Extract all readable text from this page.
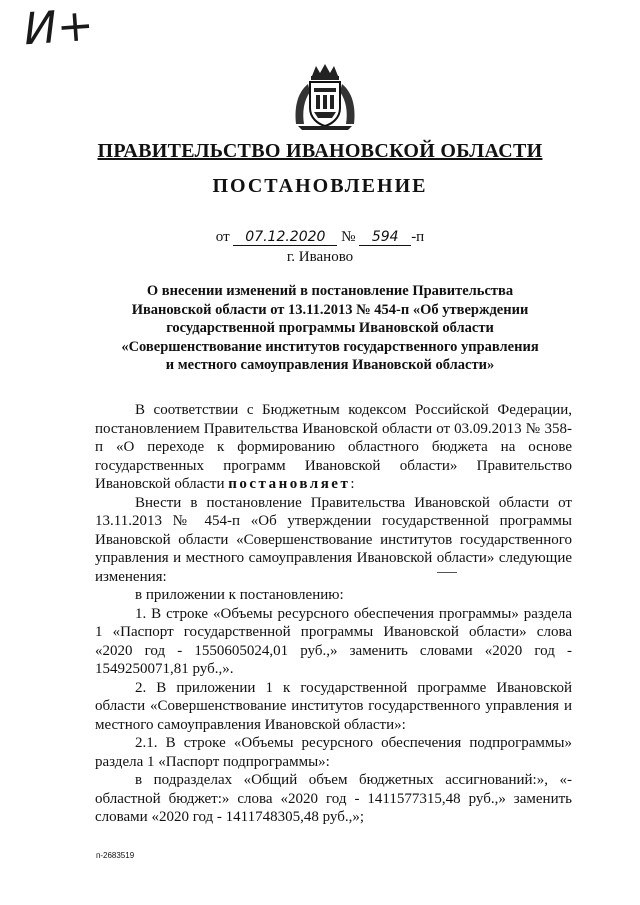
И+
ПРАВИТЕЛЬСТВО ИВАНОВСКОЙ ОБЛАСТИ
ПОСТАНОВЛЕНИЕ
от 07.12.2020 № 594 -п
г. Иваново
О внесении изменений в постановление Правительства
Ивановской области от 13.11.2013 № 454-п «Об утверждении
государственной программы Ивановской области
«Совершенствование институтов государственного управления
и местного самоуправления Ивановской области»

В соответствии с Бюджетным кодексом Российской Федерации, постановлением Правительства Ивановской области от 03.09.2013 № 358-п «О переходе к формированию областного бюджета на основе государственных программ Ивановской области» Правительство Ивановской области постановляет:

Внести в постановление Правительства Ивановской области от 13.11.2013 № 454-п «Об утверждении государственной программы Ивановской области «Совершенствование институтов государственного управления и местного самоуправления Ивановской области» следующие изменения:

в приложении к постановлению:

1. В строке «Объемы ресурсного обеспечения программы» раздела 1 «Паспорт государственной программы Ивановской области» слова «2020 год - 1550605024,01 руб.,» заменить словами «2020 год - 1549250071,81 руб.,».

2. В приложении 1 к государственной программе Ивановской области «Совершенствование институтов государственного управления и местного самоуправления Ивановской области»:

2.1. В строке «Объемы ресурсного обеспечения подпрограммы» раздела 1 «Паспорт подпрограммы»:

в подразделах «Общий объем бюджетных ассигнований:», «- областной бюджет:» слова «2020 год - 1411577315,48 руб.,» заменить словами «2020 год - 1411748305,48 руб.,»;

п-2683519
